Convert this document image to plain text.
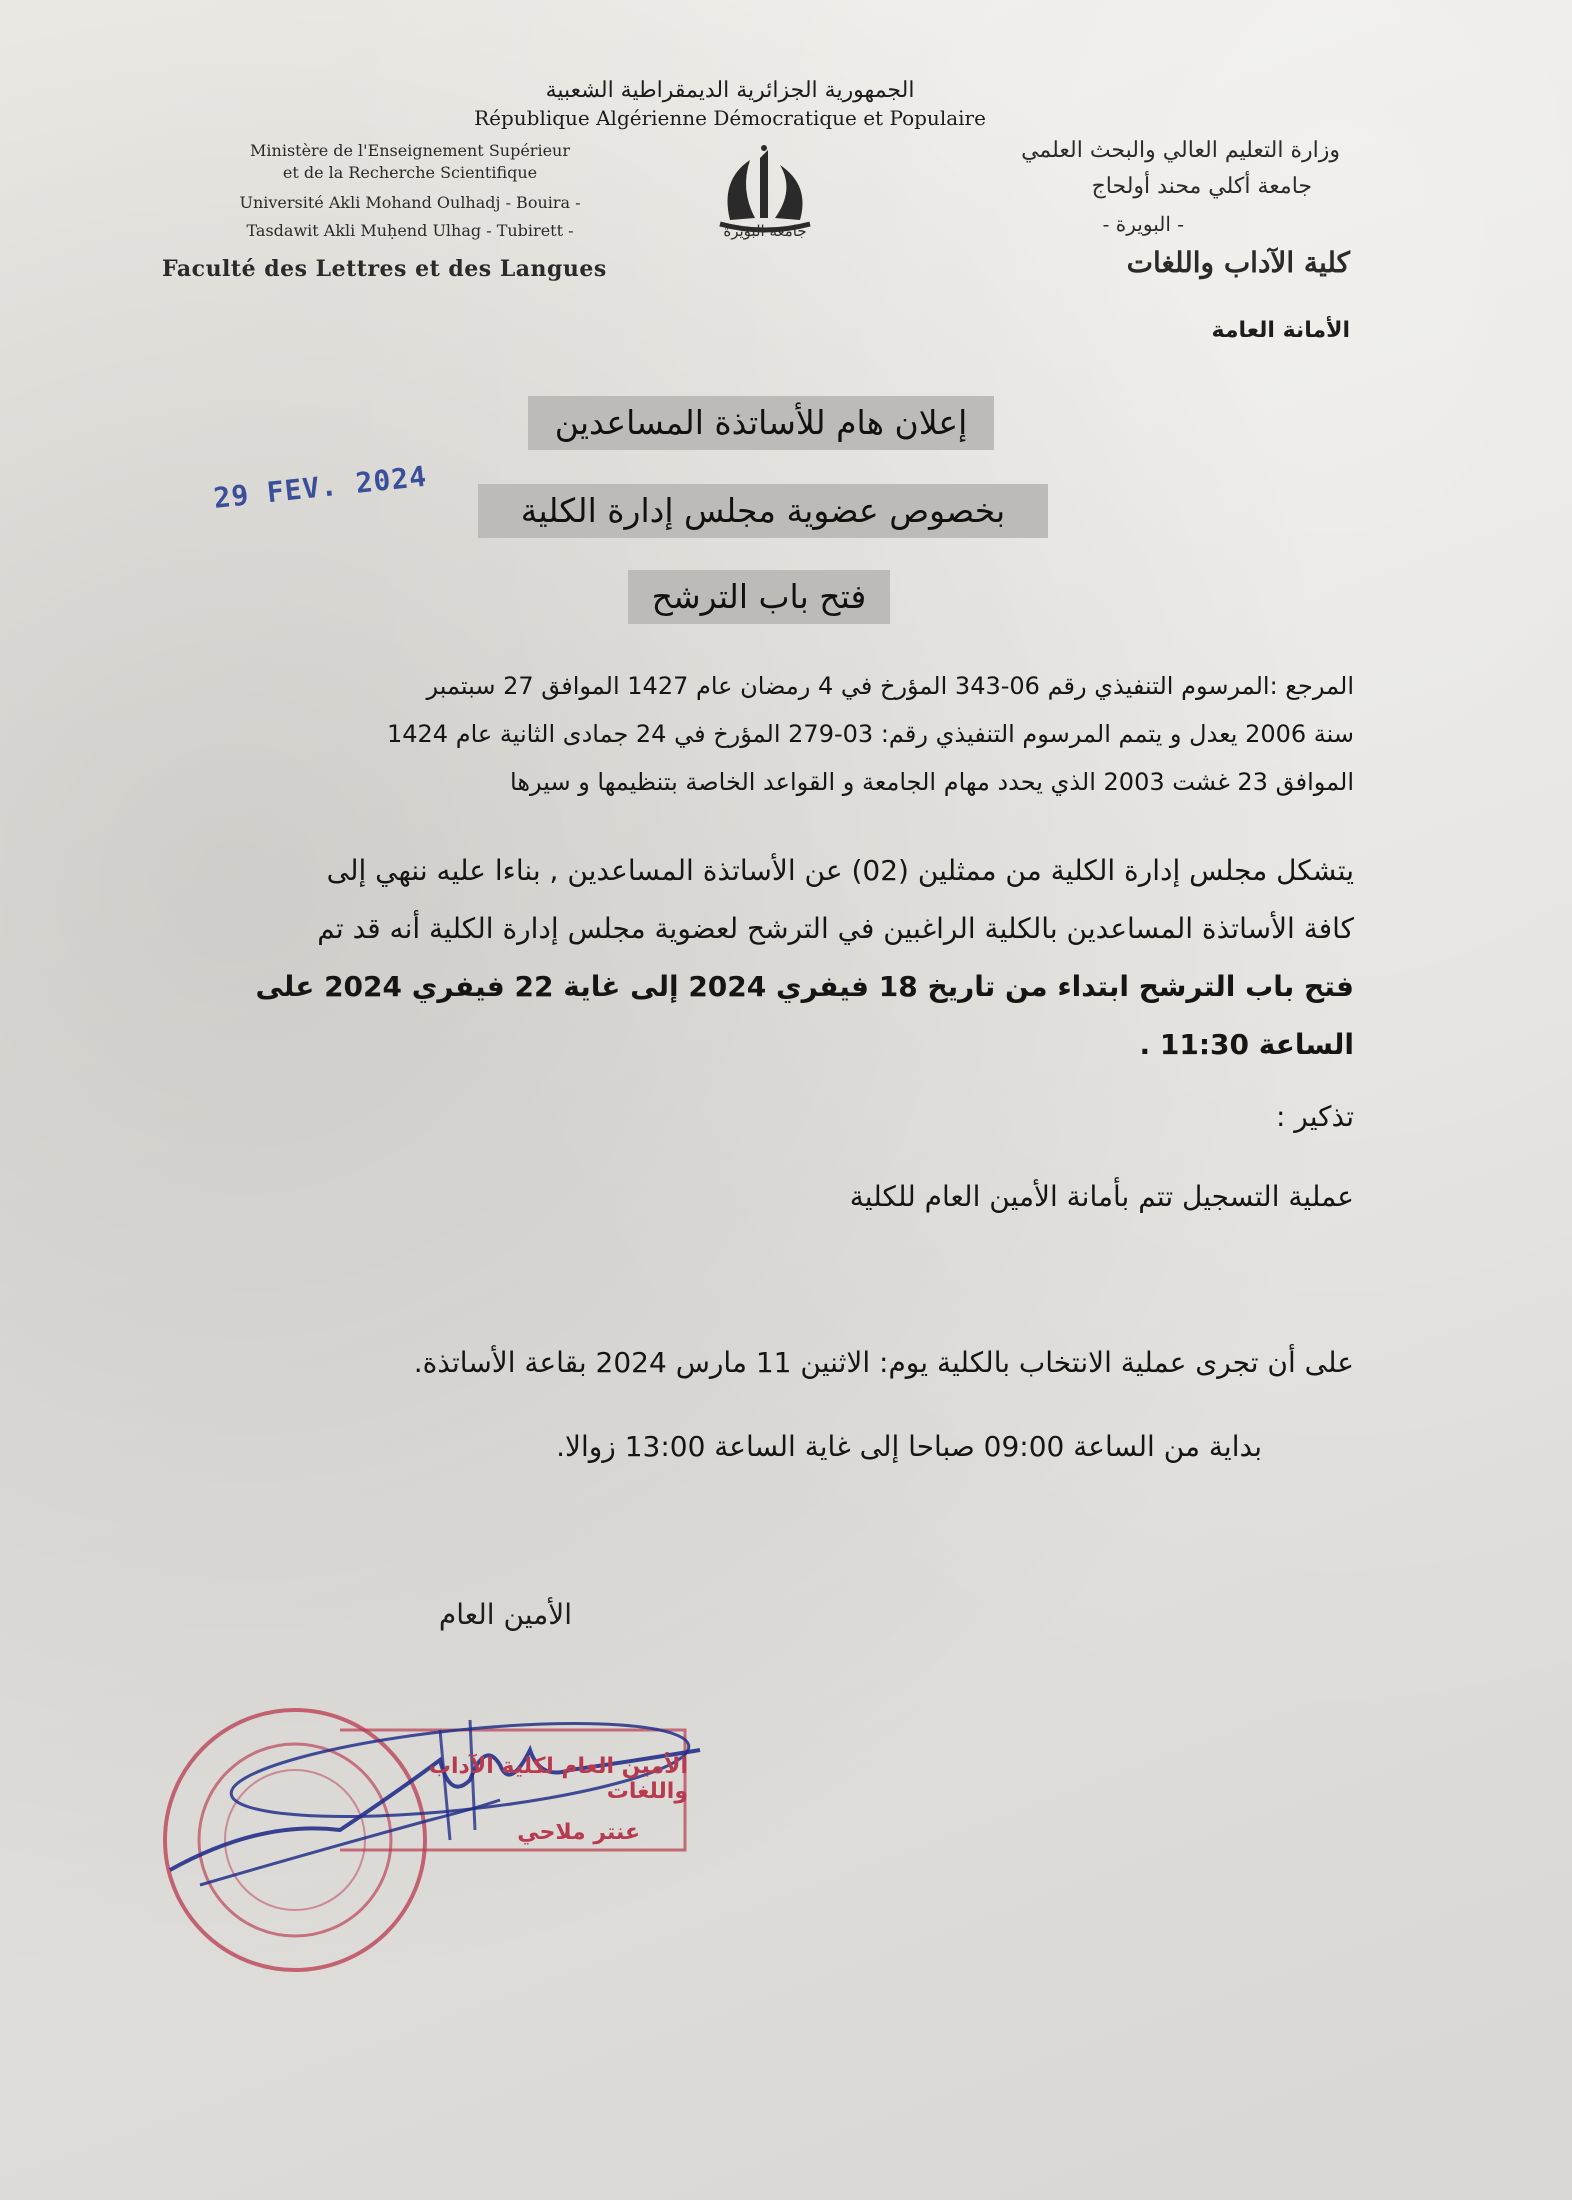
الجمهورية الجزائرية الديمقراطية الشعبية
République Algérienne Démocratique et Populaire
Ministère de l'Enseignement Supérieur
et de la Recherche Scientifique
Université Akli Mohand Oulhadj - Bouira -
Tasdawit Akli Muḥend Ulhag - Tubirett -
Faculté des Lettres et des Langues
وزارة التعليم العالي والبحث العلمي
جامعة أكلي محند أولحاج
- البويرة -
كلية الآداب واللغات
جامعة البويرة
الأمانة العامة
إعلان هام للأساتذة المساعدين
بخصوص عضوية مجلس إدارة الكلية
فتح باب الترشح
29 FEV. 2024
المرجع :المرسوم التنفيذي رقم 06-343 المؤرخ في 4 رمضان عام 1427 الموافق 27 سبتمبر
سنة 2006 يعدل و يتمم المرسوم التنفيذي رقم: 03-279 المؤرخ في 24 جمادى الثانية عام 1424
الموافق 23 غشت 2003 الذي يحدد مهام الجامعة و القواعد الخاصة بتنظيمها و سيرها
يتشكل مجلس إدارة الكلية من ممثلين (02) عن الأساتذة المساعدين , بناءا عليه ننهي إلى
كافة الأساتذة المساعدين بالكلية الراغبين في الترشح لعضوية مجلس إدارة الكلية أنه قد تم
فتح باب الترشح ابتداء من تاريخ 18 فيفري 2024 إلى غاية 22 فيفري 2024 على
الساعة 11:30 .
تذكير :
عملية التسجيل تتم بأمانة الأمين العام للكلية
على أن تجرى عملية الانتخاب بالكلية يوم: الاثنين 11 مارس 2024 بقاعة الأساتذة.
بداية من الساعة 09:00 صباحا إلى غاية الساعة 13:00 زوالا.
الأمين العام
الأمين العام لكلية الآداب واللغات
عنتر ملاحي
